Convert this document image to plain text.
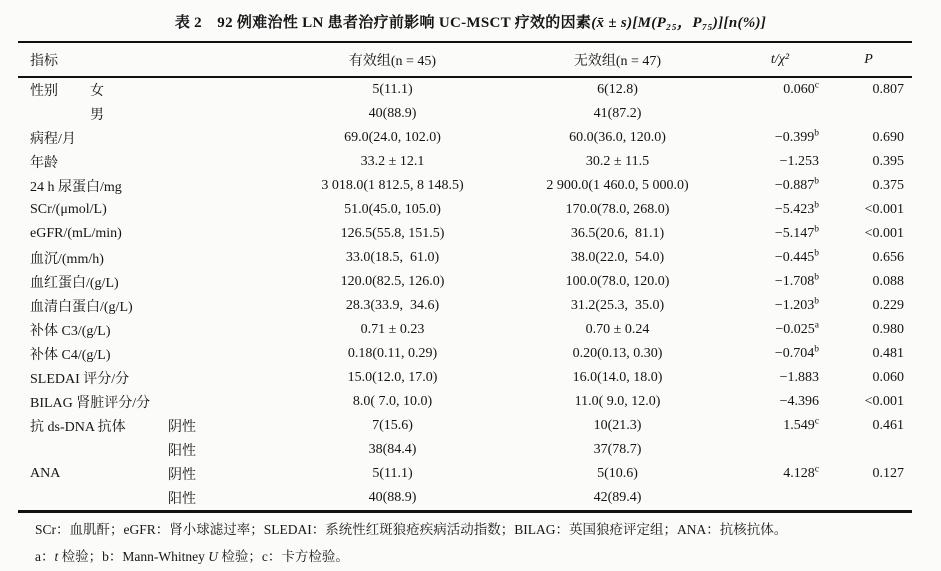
表 2　92 例难治性 LN 患者治疗前影响 UC-MSCT 疗效的因素(x̄ ± s)[M(P₂₅，P₇₅)][n(%)]
指标	有效组(n = 45)	无效组(n = 47)	t/χ²	P
性别 女	5(11.1)	6(12.8)	0.060$^c$	0.807

男	40(88.9)	41(87.2)		
病程/月	69.0(24.0, 102.0)	60.0(36.0, 120.0)	−0.399$^b$	0.690
年龄	33.2 ± 12.1	30.2 ± 11.5	−1.253	0.395
24 h 尿蛋白/mg	3 018.0(1 812.5, 8 148.5)	2 900.0(1 460.0, 5 000.0)	−0.887$^b$	0.375
SCr/(μmol/L)	51.0(45.0, 105.0)	170.0(78.0, 268.0)	−5.423$^b$	<0.001
eGFR/(mL/min)	126.5(55.8, 151.5)	36.5(20.6,  81.1)	−5.147$^b$	<0.001
血沉/(mm/h)	33.0(18.5,  61.0)	38.0(22.0,  54.0)	−0.445$^b$	0.656
血红蛋白/(g/L)	120.0(82.5, 126.0)	100.0(78.0, 120.0)	−1.708$^b$	0.088
血清白蛋白/(g/L)	28.3(33.9,  34.6)	31.2(25.3,  35.0)	−1.203$^b$	0.229
补体 C3/(g/L)	0.71 ± 0.23	0.70 ± 0.24	−0.025$^a$	0.980
补体 C4/(g/L)	0.18(0.11, 0.29)	0.20(0.13, 0.30)	−0.704$^b$	0.481
SLEDAI 评分/分	15.0(12.0, 17.0)	16.0(14.0, 18.0)	−1.883	0.060
BILAG 肾脏评分/分	8.0( 7.0, 10.0)	11.0( 9.0, 12.0)	−4.396	<0.001
抗 ds-DNA 抗体 阴性	7(15.6)	10(21.3)	1.549$^c$	0.461

阳性	38(84.4)	37(78.7)		
ANA 阴性	5(11.1)	5(10.6)	4.128$^c$	0.127

阳性	40(88.9)	42(89.4)		
SCr：血肌酐；eGFR：肾小球滤过率；SLEDAI：系统性红斑狼疮疾病活动指数；BILAG：英国狼疮评定组；ANA：抗核抗体。
a：t 检验；b：Mann-Whitney U 检验；c：卡方检验。
